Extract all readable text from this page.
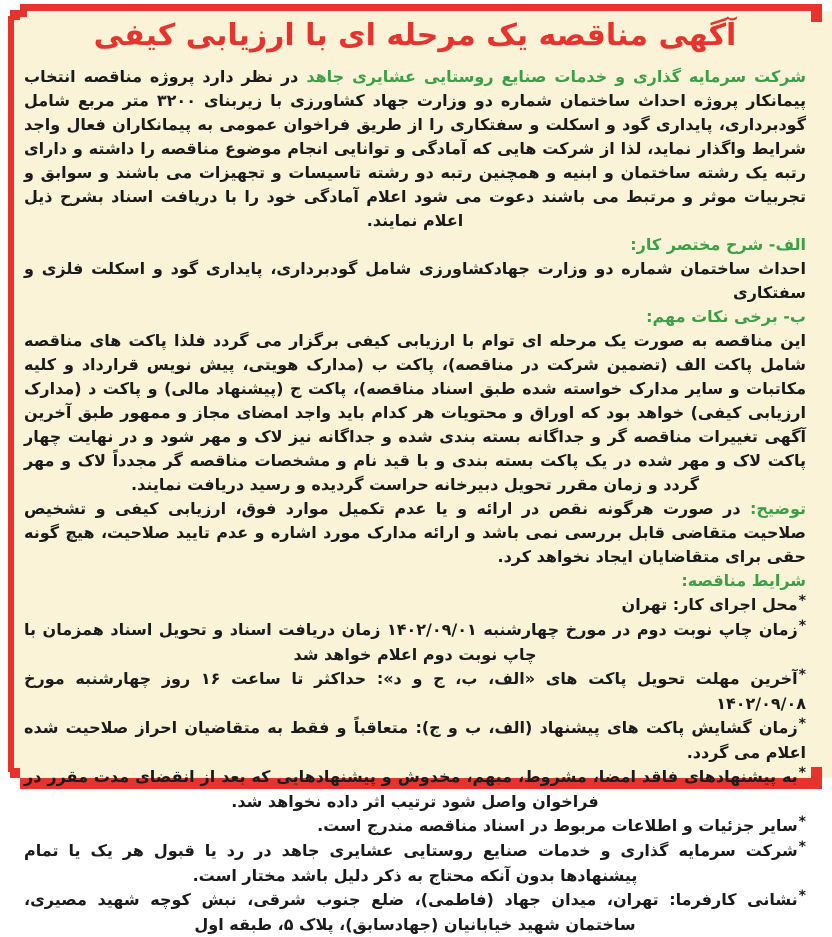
آگهی مناقصه یک مرحله ای با ارزیابی کیفی

شرکت سرمایه گذاری و خدمات صنایع روستایی عشایری جاهد در نظر دارد پروژه مناقصه انتخاب پیمانکار پروژه احداث ساختمان شماره دو وزارت جهاد کشاورزی با زیربنای ۳۲۰۰ متر مربع شامل گودبرداری، پایداری گود و اسکلت و سفتکاری را از طریق فراخوان عمومی به پیمانکاران فعال واجد شرایط واگذار نماید، لذا از شرکت هایی که آمادگی و توانایی انجام موضوع مناقصه را داشته و دارای رتبه یک رشته ساختمان و ابنیه و همچنین رتبه دو رشته تاسیسات و تجهیزات می باشند و سوابق و تجربیات موثر و مرتبط می باشند دعوت می شود اعلام آمادگی خود را با دریافت اسناد بشرح ذیل اعلام نمایند.

الف- شرح مختصر کار:

احداث ساختمان شماره دو وزارت جهادکشاورزی شامل گودبرداری، پایداری گود و اسکلت فلزی و سفتکاری

ب- برخی نکات مهم:

این مناقصه به صورت یک مرحله ای توام با ارزیابی کیفی برگزار می گردد فلذا پاکت های مناقصه شامل پاکت الف (تضمین شرکت در مناقصه)، پاکت ب (مدارک هویتی، پیش نویس قرارداد و کلیه مکاتبات و سایر مدارک خواسته شده طبق اسناد مناقصه)، پاکت ج (پیشنهاد مالی) و پاکت د (مدارک ارزیابی کیفی) خواهد بود که اوراق و محتویات هر کدام باید واجد امضای مجاز و ممهور طبق آخرین آگهی تغییرات مناقصه گر و جداگانه بسته بندی شده و جداگانه نیز لاک و مهر شود و در نهایت چهار پاکت لاک و مهر شده در یک پاکت بسته بندی و با قید نام و مشخصات مناقصه گر مجدداً لاک و مهر گردد و زمان مقرر تحویل دبیرخانه حراست گردیده و رسید دریافت نمایند.

توضیح: در صورت هرگونه نقص در ارائه و یا عدم تکمیل موارد فوق، ارزیابی کیفی و تشخیص صلاحیت متقاضی قابل بررسی نمی باشد و ارائه مدارک مورد اشاره و عدم تایید صلاحیت، هیچ گونه حقی برای متقاضایان ایجاد نخواهد کرد.

شرایط مناقصه:
*محل اجرای کار: تهران
*زمان چاپ نوبت دوم در مورخ چهارشنبه ۱۴۰۲/۰۹/۰۱ زمان دریافت اسناد و تحویل اسناد همزمان با چاپ نوبت دوم اعلام خواهد شد
*آخرین مهلت تحویل پاکت های «الف، ب، ج و د»: حداکثر تا ساعت ۱۶ روز چهارشنبه مورخ ۱۴۰۲/۰۹/۰۸
*زمان گشایش پاکت های پیشنهاد (الف، ب و ج): متعاقباً و فقط به متقاضیان احراز صلاحیت شده اعلام می گردد.
*به پیشنهادهای فاقد امضا، مشروط، مبهم، مخدوش و پیشنهادهایی که بعد از انقضای مدت مقرر در فراخوان واصل شود ترتیب اثر داده نخواهد شد.
*سایر جزئیات و اطلاعات مربوط در اسناد مناقصه مندرج است.
*شرکت سرمایه گذاری و خدمات صنایع روستایی عشایری جاهد در رد یا قبول هر یک یا تمام پیشنهادها بدون آنکه محتاج به ذکر دلیل باشد مختار است.
*نشانی کارفرما: تهران، میدان جهاد (فاطمی)، ضلع جنوب شرقی، نبش کوچه شهید مصیری، ساختمان شهید خیابانیان (جهادسابق)، پلاک ۵، طبقه اول
